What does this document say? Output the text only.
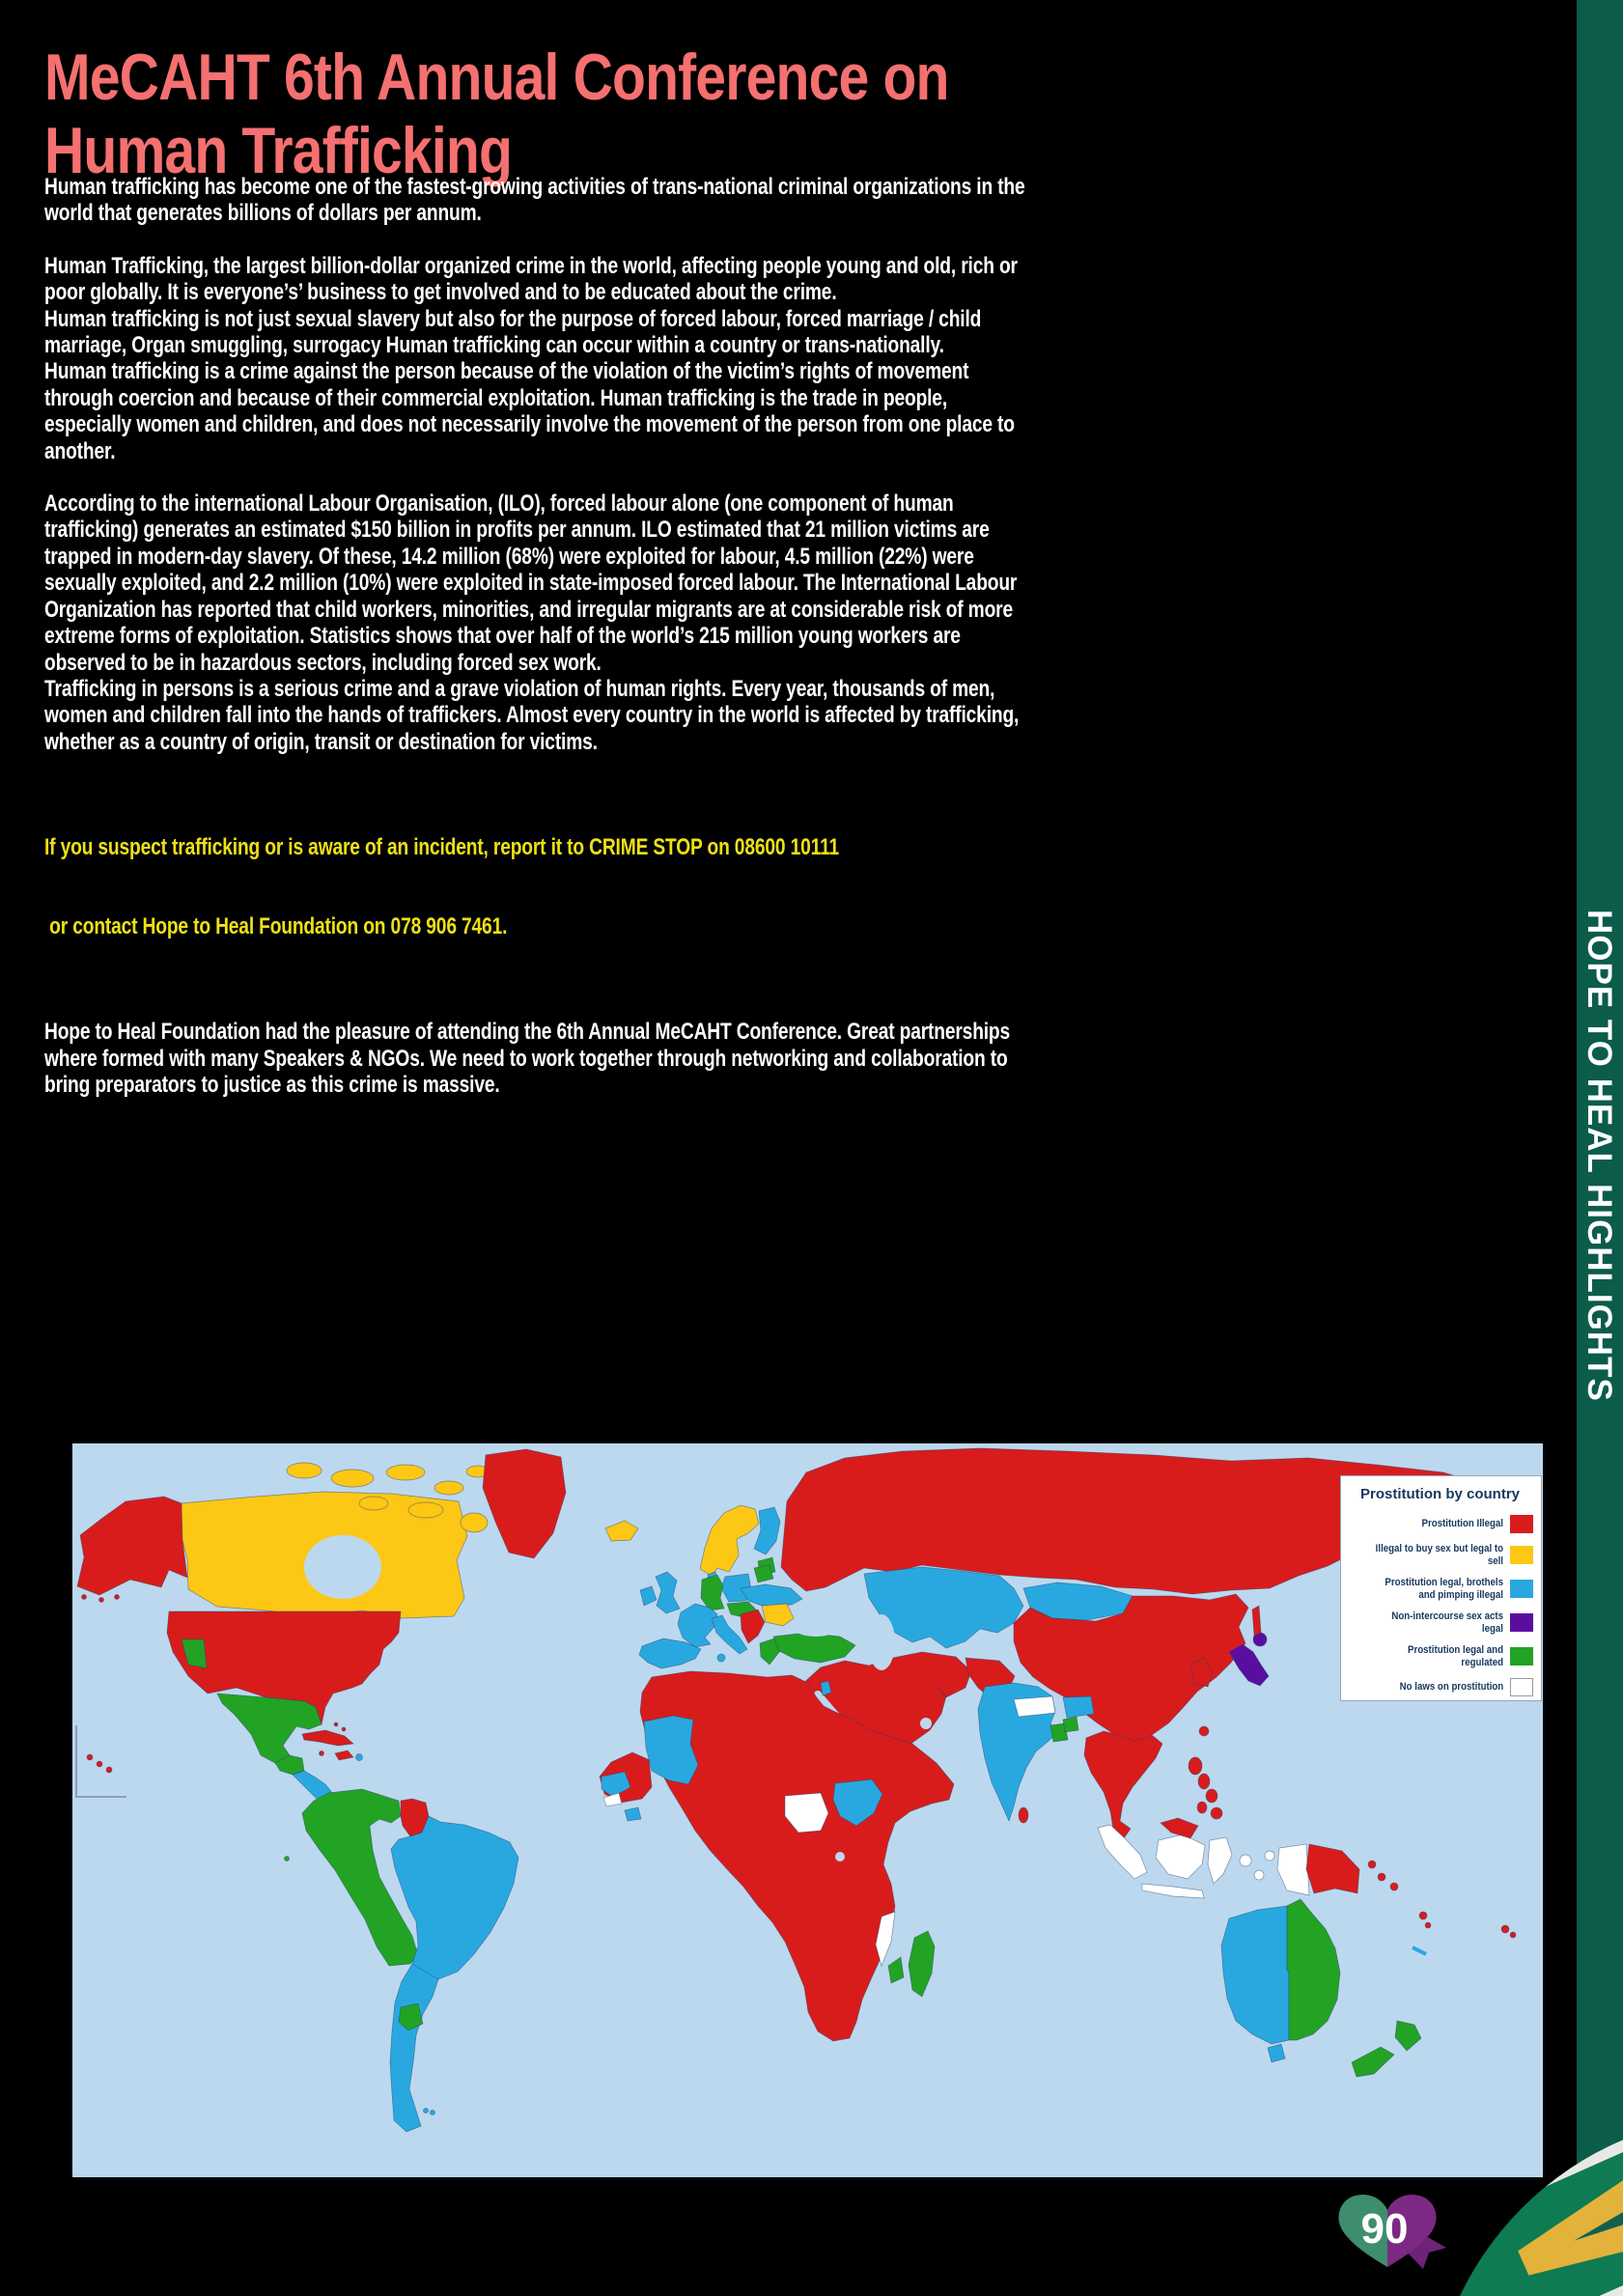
HOPE TO HEAL HIGHLIGHTS
MeCAHT 6th Annual Conference on
Human Trafficking

Human trafficking has become one of the fastest-growing activities of trans-national criminal organizations in the world that generates billions of dollars per annum.

Human Trafficking, the largest billion-dollar organized crime in the world, affecting people young and old, rich or poor globally. It is everyone’s’ business to get involved and to be educated about the crime.

Human trafficking is not just sexual slavery but also for the purpose of forced labour, forced marriage / child marriage, Organ smuggling, surrogacy Human trafficking can occur within a country or trans-nationally.

Human trafficking is a crime against the person because of the violation of the victim’s rights of movement through coercion and because of their commercial exploitation. Human trafficking is the trade in people, especially women and children, and does not necessarily involve the movement of the person from one place to another.

According to the international Labour Organisation, (ILO), forced labour alone (one component of human trafficking) generates an estimated $150 billion in profits per annum. ILO estimated that 21 million victims are trapped in modern-day slavery. Of these, 14.2 million (68%) were exploited for labour, 4.5 million (22%) were sexually exploited, and 2.2 million (10%) were exploited in state-imposed forced labour. The International Labour Organization has reported that child workers, minorities, and irregular migrants are at considerable risk of more extreme forms of exploitation. Statistics shows that over half of the world’s 215 million young workers are observed to be in hazardous sectors, including forced sex work.

Trafficking in persons is a serious crime and a grave violation of human rights. Every year, thousands of men, women and children fall into the hands of traffickers. Almost every country in the world is affected by trafficking, whether as a country of origin, transit or destination for victims.

If you suspect trafficking or is aware of an incident, report it to CRIME STOP on 08600 10111

or contact Hope to Heal Foundation on 078 906 7461.

Hope to Heal Foundation had the pleasure of attending the 6th Annual MeCAHT Conference. Great partnerships where formed with many Speakers & NGOs. We need to work together through networking and collaboration to bring preparators to justice as this crime is massive.

Prostitution by country
Prostitution Illegal
Illegal to buy sex but legal to sell
Prostitution legal, brothels and pimping illegal
Non-intercourse sex acts legal
Prostitution legal and regulated
No laws on prostitution
90
